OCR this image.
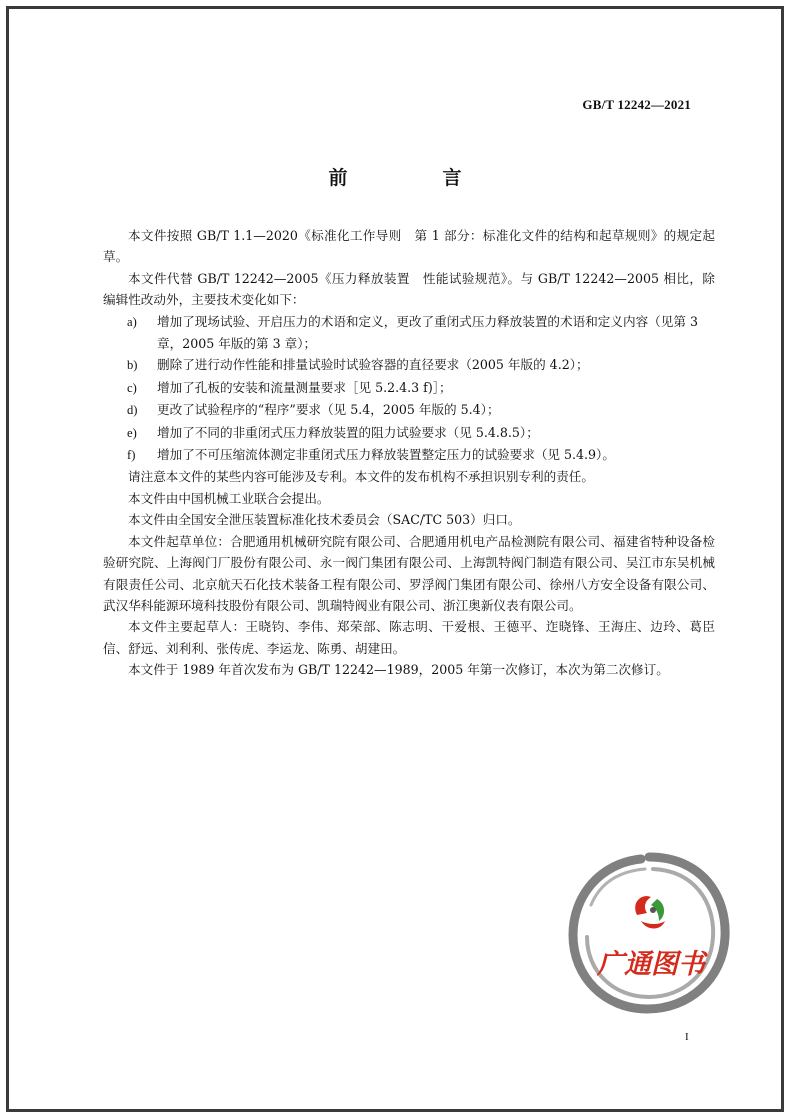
GB/T 12242—2021
前　言

本文件按照 GB/T 1.1—2020《标准化工作导则　第 1 部分：标准化文件的结构和起草规则》的规定起草。

本文件代替 GB/T 12242—2005《压力释放装置　性能试验规范》。与 GB/T 12242—2005 相比，除编辑性改动外，主要技术变化如下：

a) 增加了现场试验、开启压力的术语和定义，更改了重闭式压力释放装置的术语和定义内容（见第 3 章，2005 年版的第 3 章）；

b) 删除了进行动作性能和排量试验时试验容器的直径要求（2005 年版的 4.2）；

c) 增加了孔板的安装和流量测量要求［见 5.2.4.3 f)］；

d) 更改了试验程序的“程序”要求（见 5.4，2005 年版的 5.4）；

e) 增加了不同的非重闭式压力释放装置的阻力试验要求（见 5.4.8.5）；

f) 增加了不可压缩流体测定非重闭式压力释放装置整定压力的试验要求（见 5.4.9）。

请注意本文件的某些内容可能涉及专利。本文件的发布机构不承担识别专利的责任。

本文件由中国机械工业联合会提出。

本文件由全国安全泄压装置标准化技术委员会（SAC/TC 503）归口。

本文件起草单位：合肥通用机械研究院有限公司、合肥通用机电产品检测院有限公司、福建省特种设备检验研究院、上海阀门厂股份有限公司、永一阀门集团有限公司、上海凯特阀门制造有限公司、吴江市东吴机械有限责任公司、北京航天石化技术装备工程有限公司、罗浮阀门集团有限公司、徐州八方安全设备有限公司、武汉华科能源环境科技股份有限公司、凯瑞特阀业有限公司、浙江奥新仪表有限公司。

本文件主要起草人：王晓钧、李伟、郑荣部、陈志明、干爱根、王德平、迮晓锋、王海庄、边玲、葛臣信、舒远、刘利利、张传虎、李运龙、陈勇、胡建田。

本文件于 1989 年首次发布为 GB/T 12242—1989，2005 年第一次修订，本次为第二次修订。

广通图书
I
